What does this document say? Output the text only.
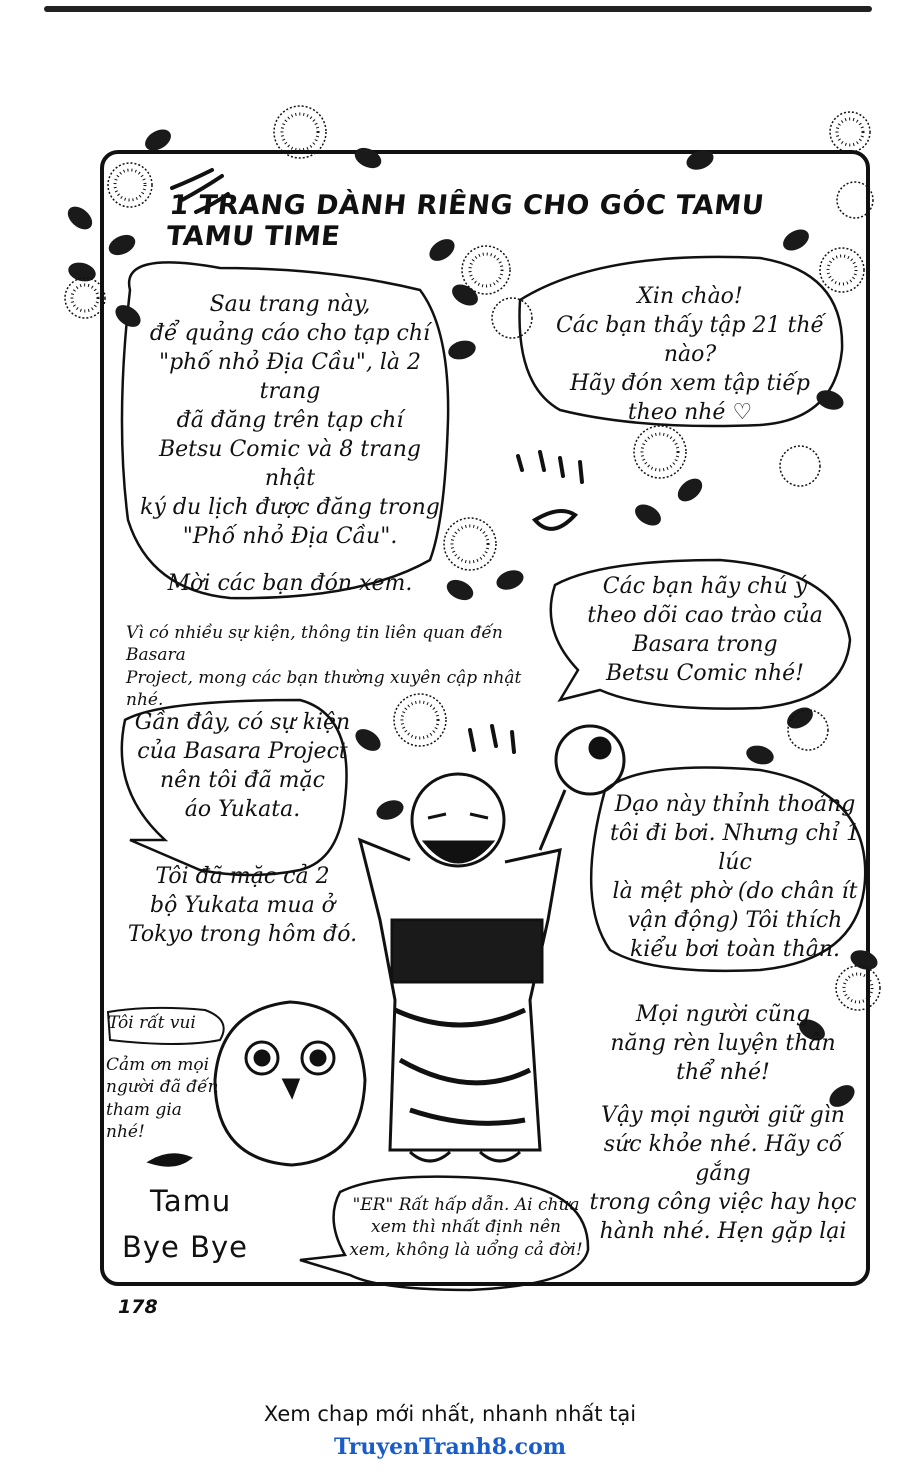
1 TRANG DÀNH RIÊNG CHO GÓC TAMU TAMU TIME
Sau trang này,
để quảng cáo cho tạp chí
"phố nhỏ Địa Cầu", là 2 trang
đã đăng trên tạp chí
Betsu Comic và 8 trang nhật
ký du lịch được đăng trong
"Phố nhỏ Địa Cầu".
Mời các bạn đón xem.
Xin chào!
Các bạn thấy tập 21 thế nào?
Hãy đón xem tập tiếp
theo nhé ♡
Vì có nhiều sự kiện, thông tin liên quan đến Basara
Project, mong các bạn thường xuyên cập nhật nhé.
Các bạn hãy chú ý
theo dõi cao trào của
Basara trong
Betsu Comic nhé!
Gần đây, có sự kiện
của Basara Project
nên tôi đã mặc
áo Yukata.
Tôi đã mặc cả 2
bộ Yukata mua ở
Tokyo trong hôm đó.
Dạo này thỉnh thoảng
tôi đi bơi. Nhưng chỉ 1 lúc
là mệt phờ (do chân ít
vận động) Tôi thích
kiểu bơi toàn thân.
Mọi người cũng
năng rèn luyện thân
thể nhé!
Vậy mọi người giữ gìn
sức khỏe nhé. Hãy cố gắng
trong công việc hay học
hành nhé. Hẹn gặp lại
Tôi rất vui
Cảm ơn mọi
người đã đến
tham gia
nhé!
"ER" Rất hấp dẫn. Ai chưa
xem thì nhất định nên
xem, không là uổng cả đời!
Tamu
Bye Bye
178
Xem chap mới nhất, nhanh nhất tại
TruyenTranh8.com
